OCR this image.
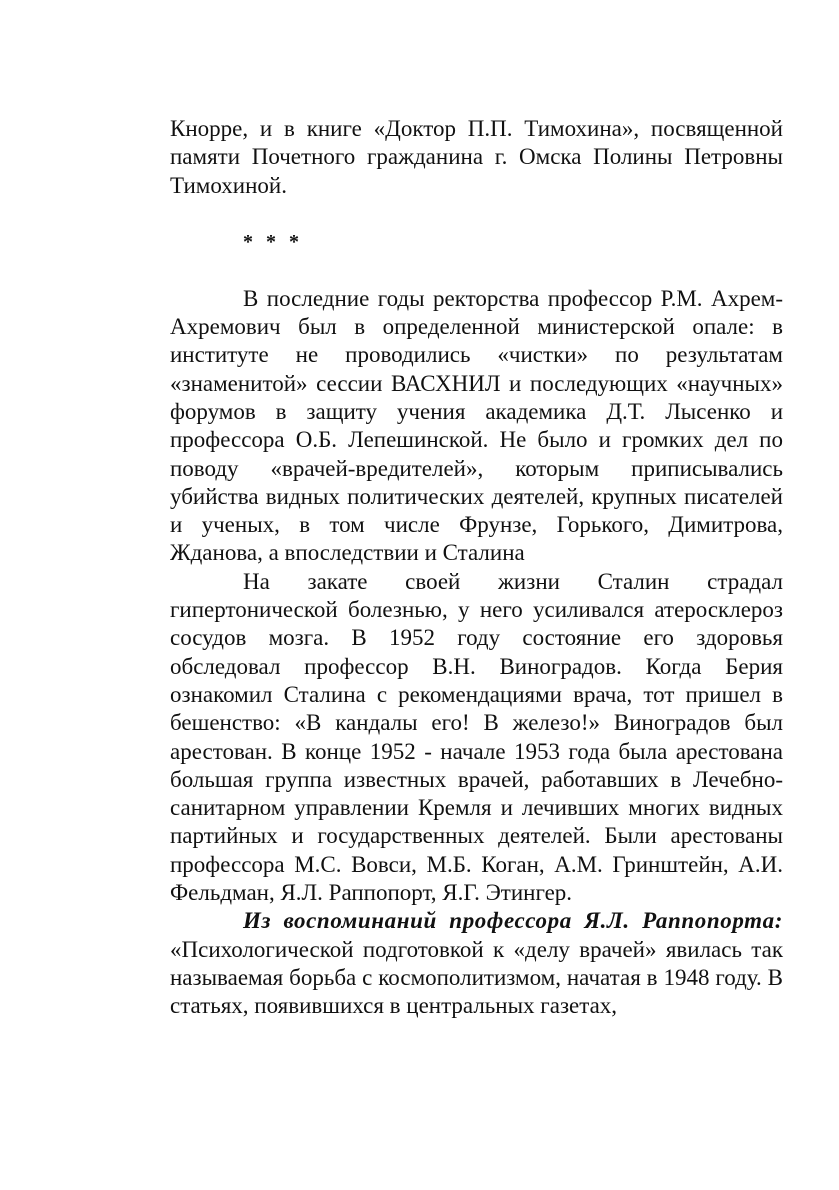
Кнорре, и в книге «Доктор П.П. Тимохина», посвященной памяти Почетного гражданина г. Омска Полины Петровны Тимохиной.

* * *

В последние годы ректорства профессор Р.М. Ахрем-Ахремович был в определенной министерской опале: в институте не проводились «чистки» по результатам «знаменитой» сессии ВАСХНИЛ и последующих «научных» форумов в защиту учения академика Д.Т. Лысенко и профессора О.Б. Лепешинской. Не было и громких дел по поводу «врачей-вредителей», которым приписывались убийства видных политических деятелей, крупных писателей и ученых, в том числе Фрунзе, Горького, Димитрова, Жданова, а впоследствии и Сталина

На закате своей жизни Сталин страдал гипертонической болезнью, у него усиливался атеросклероз сосудов мозга. В 1952 году состояние его здоровья обследовал профессор В.Н. Виноградов. Когда Берия ознакомил Сталина с рекомендациями врача, тот пришел в бешенство: «В кандалы его! В железо!» Виноградов был арестован. В конце 1952 - начале 1953 года была арестована большая группа известных врачей, работавших в Лечебно-санитарном управлении Кремля и лечивших многих видных партийных и государственных деятелей. Были арестованы профессора М.С. Вовси, М.Б. Коган, А.М. Гринштейн, А.И. Фельдман, Я.Л. Раппопорт, Я.Г. Этингер.

Из воспоминаний профессора Я.Л. Раппопорта: «Психологической подготовкой к «делу врачей» явилась так называемая борьба с космополитизмом, начатая в 1948 году. В статьях, появившихся в центральных газетах,
